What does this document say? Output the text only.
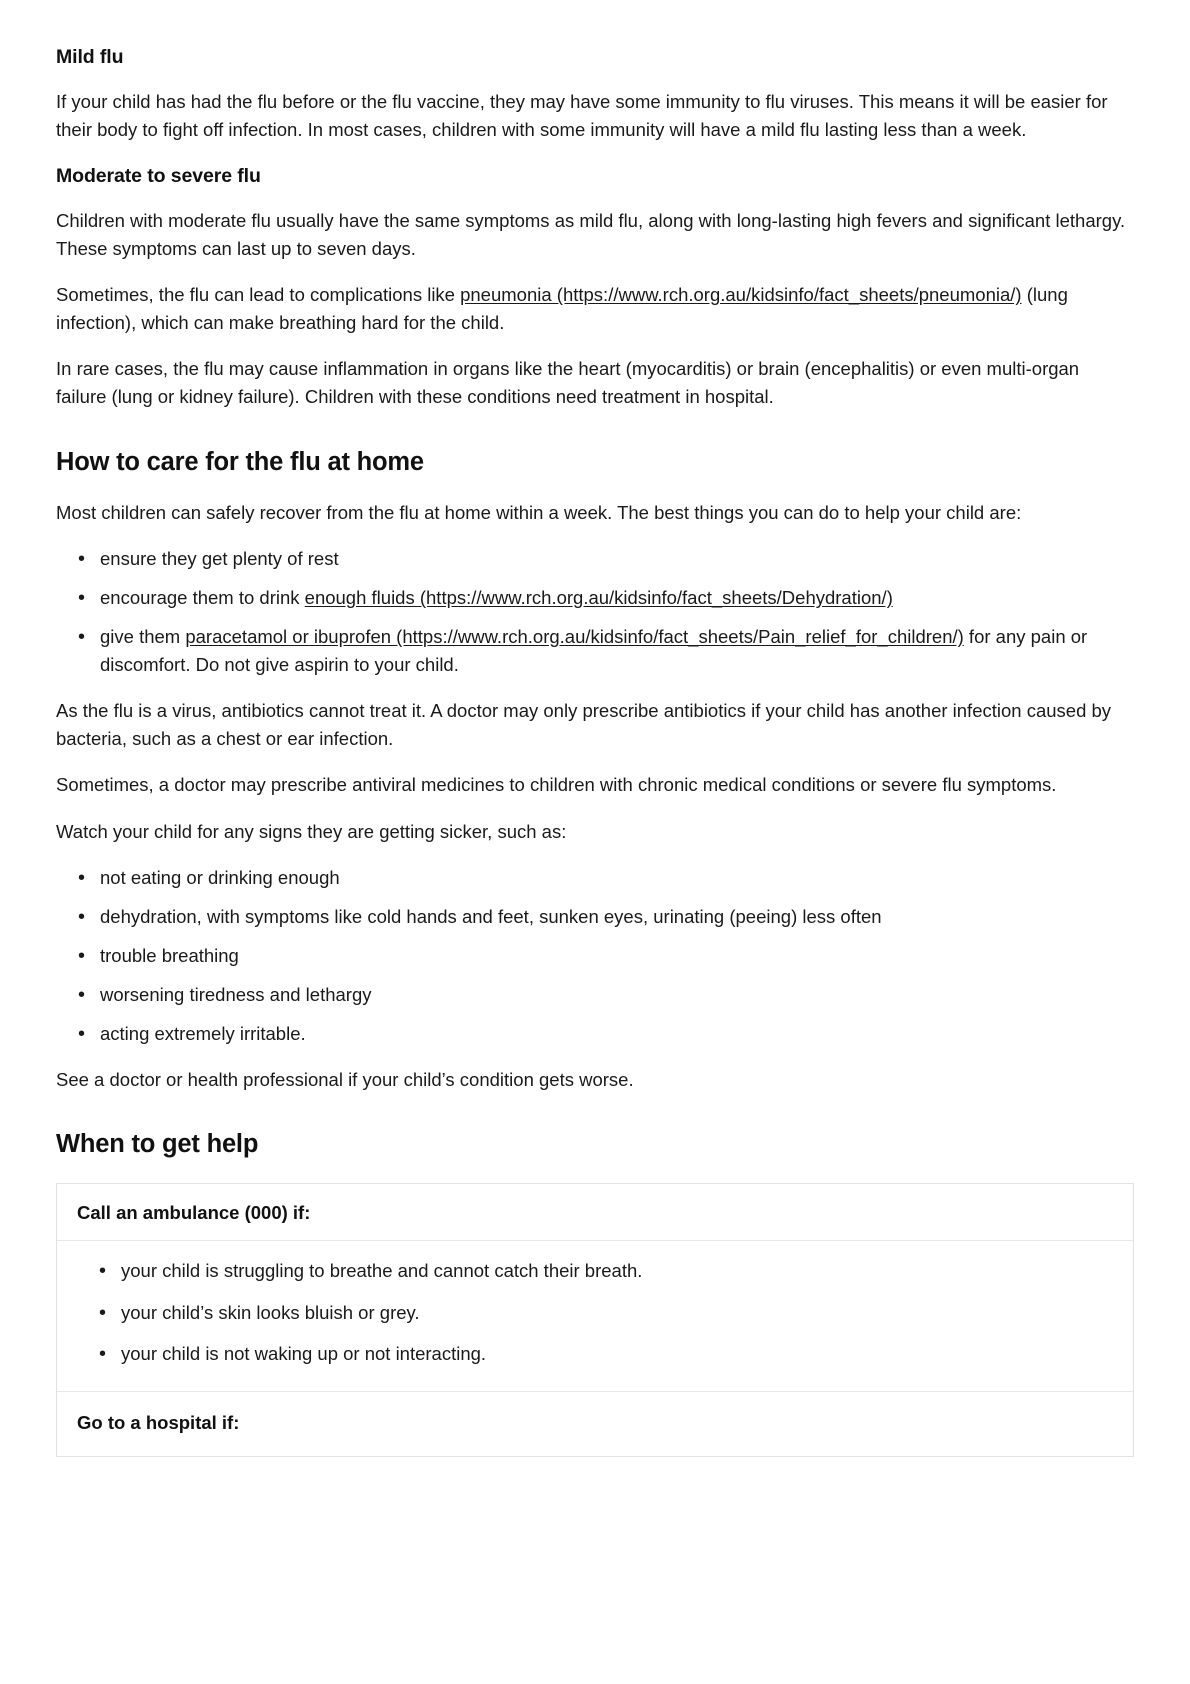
Mild flu

If your child has had the flu before or the flu vaccine, they may have some immunity to flu viruses. This means it will be easier for their body to fight off infection. In most cases, children with some immunity will have a mild flu lasting less than a week.

Moderate to severe flu

Children with moderate flu usually have the same symptoms as mild flu, along with long-lasting high fevers and significant lethargy. These symptoms can last up to seven days.

Sometimes, the flu can lead to complications like pneumonia (https://www.rch.org.au/kidsinfo/fact_sheets/pneumonia/) (lung infection), which can make breathing hard for the child.

In rare cases, the flu may cause inflammation in organs like the heart (myocarditis) or brain (encephalitis) or even multi-organ failure (lung or kidney failure). Children with these conditions need treatment in hospital.

How to care for the flu at home

Most children can safely recover from the flu at home within a week. The best things you can do to help your child are:

• ensure they get plenty of rest
• encourage them to drink enough fluids (https://www.rch.org.au/kidsinfo/fact_sheets/Dehydration/)
• give them paracetamol or ibuprofen (https://www.rch.org.au/kidsinfo/fact_sheets/Pain_relief_for_children/) for any pain or discomfort. Do not give aspirin to your child.

As the flu is a virus, antibiotics cannot treat it. A doctor may only prescribe antibiotics if your child has another infection caused by bacteria, such as a chest or ear infection.

Sometimes, a doctor may prescribe antiviral medicines to children with chronic medical conditions or severe flu symptoms.

Watch your child for any signs they are getting sicker, such as:

• not eating or drinking enough
• dehydration, with symptoms like cold hands and feet, sunken eyes, urinating (peeing) less often
• trouble breathing
• worsening tiredness and lethargy
• acting extremely irritable.

See a doctor or health professional if your child’s condition gets worse.

When to get help
Call an ambulance (000) if:
• your child is struggling to breathe and cannot catch their breath.
• your child’s skin looks bluish or grey.
• your child is not waking up or not interacting.
Go to a hospital if:
